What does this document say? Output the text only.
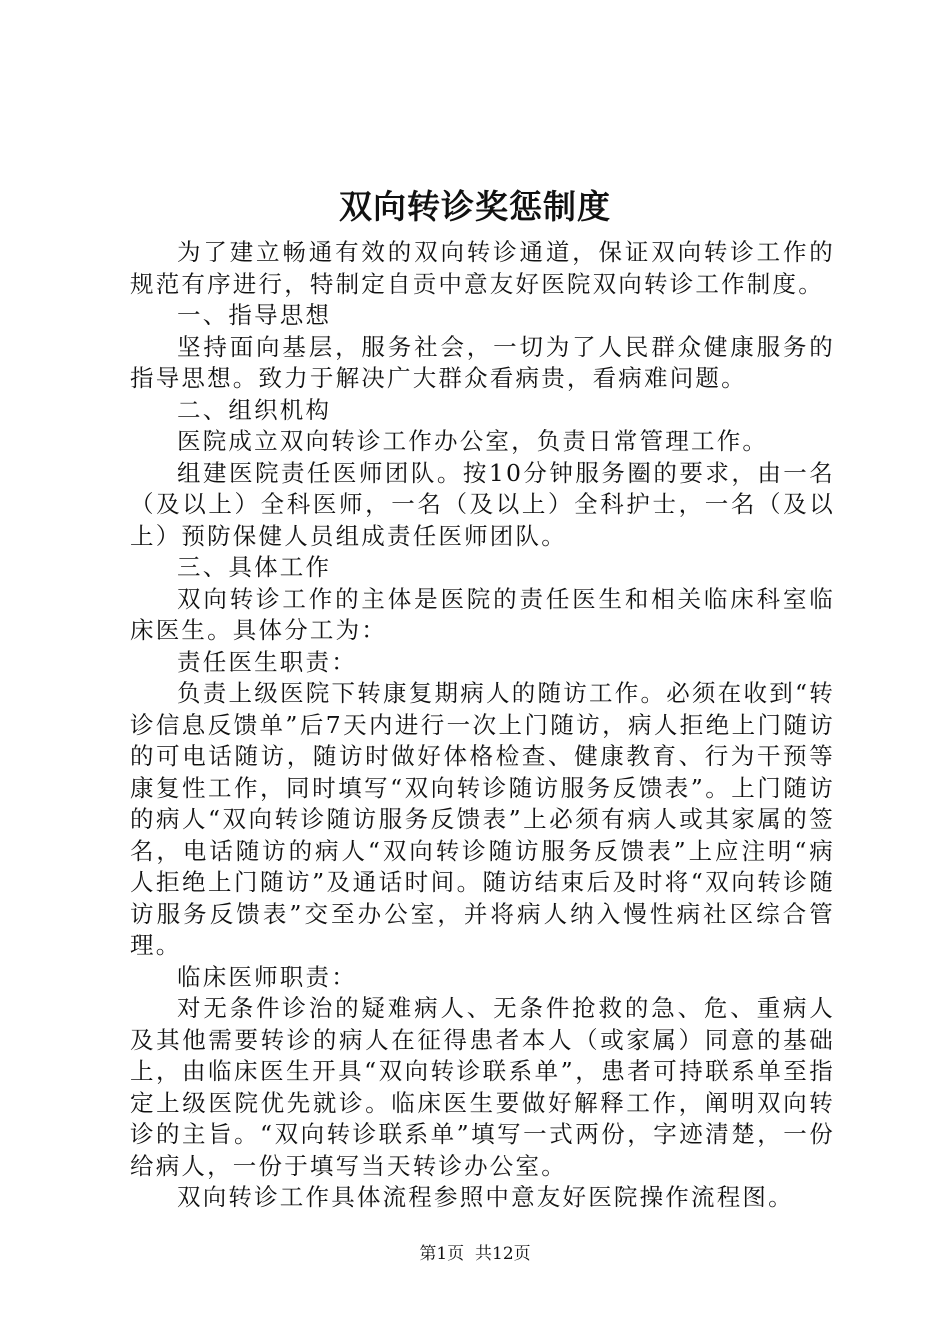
双向转诊奖惩制度

为了建立畅通有效的双向转诊通道，保证双向转诊工作的规范有序进行，特制定自贡中意友好医院双向转诊工作制度。

一、指导思想

坚持面向基层，服务社会，一切为了人民群众健康服务的指导思想。致力于解决广大群众看病贵，看病难问题。

二、组织机构

医院成立双向转诊工作办公室，负责日常管理工作。

组建医院责任医师团队。按10分钟服务圈的要求，由一名（及以上）全科医师，一名（及以上）全科护士，一名（及以上）预防保健人员组成责任医师团队。

三、具体工作

双向转诊工作的主体是医院的责任医生和相关临床科室临床医生。具体分工为：

责任医生职责：

负责上级医院下转康复期病人的随访工作。必须在收到“转诊信息反馈单”后7天内进行一次上门随访，病人拒绝上门随访的可电话随访，随访时做好体格检查、健康教育、行为干预等康复性工作，同时填写“双向转诊随访服务反馈表”。上门随访的病人“双向转诊随访服务反馈表”上必须有病人或其家属的签名，电话随访的病人“双向转诊随访服务反馈表”上应注明“病人拒绝上门随访”及通话时间。随访结束后及时将“双向转诊随访服务反馈表”交至办公室，并将病人纳入慢性病社区综合管理。

临床医师职责：

对无条件诊治的疑难病人、无条件抢救的急、危、重病人及其他需要转诊的病人在征得患者本人（或家属）同意的基础上，由临床医生开具“双向转诊联系单”，患者可持联系单至指定上级医院优先就诊。临床医生要做好解释工作，阐明双向转诊的主旨。“双向转诊联系单”填写一式两份，字迹清楚，一份给病人，一份于填写当天转诊办公室。

双向转诊工作具体流程参照中意友好医院操作流程图。

第1页 共12页
